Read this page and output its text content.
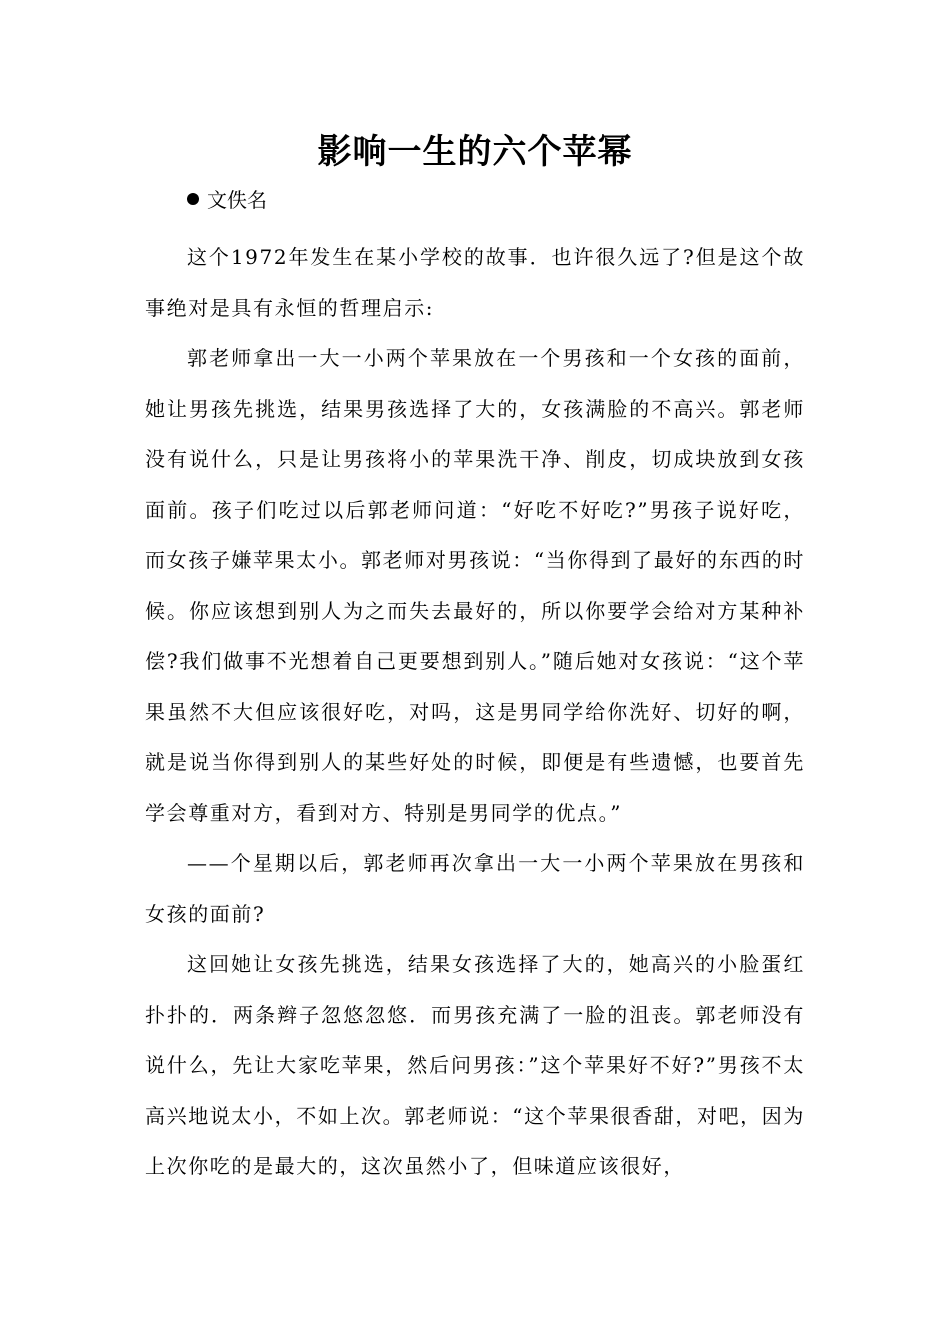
影响一生的六个苹幂
文佚名

这个1972年发生在某小学校的故事．也许很久远了?但是这个故事绝对是具有永恒的哲理启示:

郭老师拿出一大一小两个苹果放在一个男孩和一个女孩的面前，她让男孩先挑选，结果男孩选择了大的，女孩满脸的不高兴。郭老师没有说什么，只是让男孩将小的苹果洗干净、削皮，切成块放到女孩面前。孩子们吃过以后郭老师问道：“好吃不好吃?”男孩子说好吃，而女孩子嫌苹果太小。郭老师对男孩说：“当你得到了最好的东西的时候。你应该想到别人为之而失去最好的，所以你要学会给对方某种补偿?我们做事不光想着自己更要想到别人。”随后她对女孩说：“这个苹果虽然不大但应该很好吃，对吗，这是男同学给你洗好、切好的啊，就是说当你得到别人的某些好处的时候，即便是有些遗憾，也要首先学会尊重对方，看到对方、特别是男同学的优点。”

——个星期以后，郭老师再次拿出一大一小两个苹果放在男孩和女孩的面前?

这回她让女孩先挑选，结果女孩选择了大的，她高兴的小脸蛋红扑扑的．两条辫子忽悠忽悠．而男孩充满了一脸的沮丧。郭老师没有说什么，先让大家吃苹果，然后问男孩：”这个苹果好不好?”男孩不太高兴地说太小，不如上次。郭老师说：“这个苹果很香甜，对吧，因为上次你吃的是最大的，这次虽然小了，但味道应该很好，
